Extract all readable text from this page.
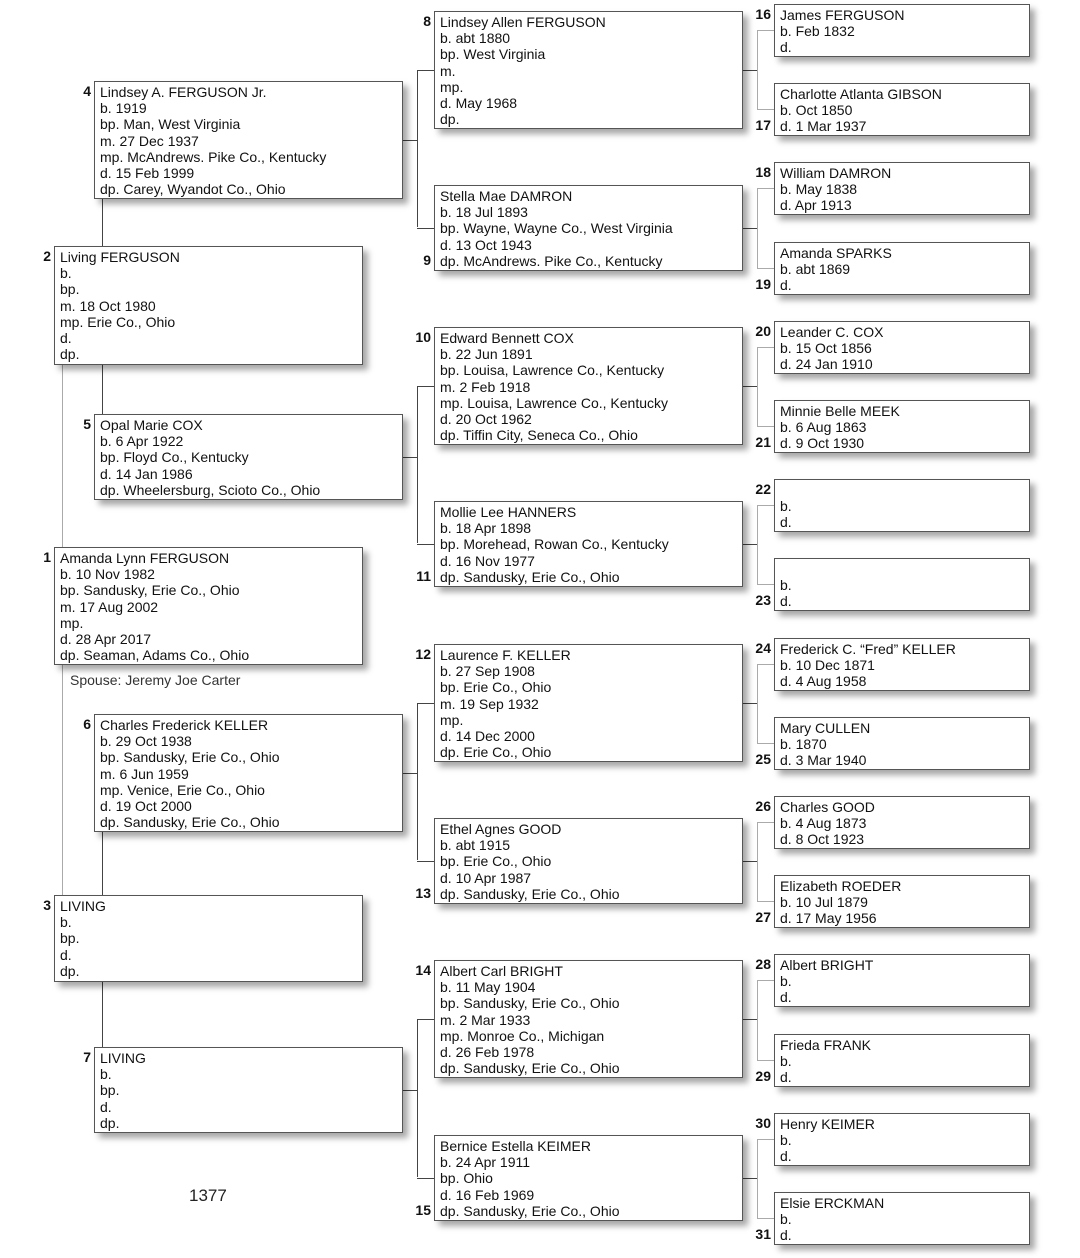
Amanda Lynn FERGUSON
b. 10 Nov 1982
bp. Sandusky, Erie Co., Ohio
m. 17 Aug 2002
mp.
d. 28 Apr 2017
dp. Seaman, Adams Co., Ohio
1
Living FERGUSON
b.
bp.
m. 18 Oct 1980
mp. Erie Co., Ohio
d.
dp.
2
LIVING
b.
bp.
d.
dp.
3
Lindsey A. FERGUSON Jr.
b. 1919
bp. Man, West Virginia
m. 27 Dec 1937
mp. McAndrews. Pike Co., Kentucky
d. 15 Feb 1999
dp. Carey, Wyandot Co., Ohio
4
Opal Marie COX
b. 6 Apr 1922
bp. Floyd Co., Kentucky
d. 14 Jan 1986
dp. Wheelersburg, Scioto Co., Ohio
5
Charles Frederick KELLER
b. 29 Oct 1938
bp. Sandusky, Erie Co., Ohio
m. 6 Jun 1959
mp. Venice, Erie Co., Ohio
d. 19 Oct 2000
dp. Sandusky, Erie Co., Ohio
6
LIVING
b.
bp.
d.
dp.
7
Lindsey Allen FERGUSON
b. abt 1880
bp. West Virginia
m.
mp.
d. May 1968
dp.
8
Stella Mae DAMRON
b. 18 Jul 1893
bp. Wayne, Wayne Co., West Virginia
d. 13 Oct 1943
dp. McAndrews. Pike Co., Kentucky
9
Edward Bennett COX
b. 22 Jun 1891
bp. Louisa, Lawrence Co., Kentucky
m. 2 Feb 1918
mp. Louisa, Lawrence Co., Kentucky
d. 20 Oct 1962
dp. Tiffin City, Seneca Co., Ohio
10
Mollie Lee HANNERS
b. 18 Apr 1898
bp. Morehead, Rowan Co., Kentucky
d. 16 Nov 1977
dp. Sandusky, Erie Co., Ohio
11
Laurence F. KELLER
b. 27 Sep 1908
bp. Erie Co., Ohio
m. 19 Sep 1932
mp.
d. 14 Dec 2000
dp. Erie Co., Ohio
12
Ethel Agnes GOOD
b. abt 1915
bp. Erie Co., Ohio
d. 10 Apr 1987
dp. Sandusky, Erie Co., Ohio
13
Albert Carl BRIGHT
b. 11 May 1904
bp. Sandusky, Erie Co., Ohio
m. 2 Mar 1933
mp. Monroe Co., Michigan
d. 26 Feb 1978
dp. Sandusky, Erie Co., Ohio
14
Bernice Estella KEIMER
b. 24 Apr 1911
bp. Ohio
d. 16 Feb 1969
dp. Sandusky, Erie Co., Ohio
15
James FERGUSON
b. Feb 1832
d.
16
Charlotte Atlanta GIBSON
b. Oct 1850
d. 1 Mar 1937
17
William DAMRON
b. May 1838
d. Apr 1913
18
Amanda SPARKS
b. abt 1869
d.
19
Leander C. COX
b. 15 Oct 1856
d. 24 Jan 1910
20
Minnie Belle MEEK
b. 6 Aug 1863
d. 9 Oct 1930
21

b.
d.
22

b.
d.
23
Frederick C. “Fred” KELLER
b. 10 Dec 1871
d. 4 Aug 1958
24
Mary CULLEN
b. 1870
d. 3 Mar 1940
25
Charles GOOD
b. 4 Aug 1873
d. 8 Oct 1923
26
Elizabeth ROEDER
b. 10 Jul 1879
d. 17 May 1956
27
Albert BRIGHT
b.
d.
28
Frieda FRANK
b.
d.
29
Henry KEIMER
b.
d.
30
Elsie ERCKMAN
b.
d.
31
Spouse: Jeremy Joe Carter
1377
